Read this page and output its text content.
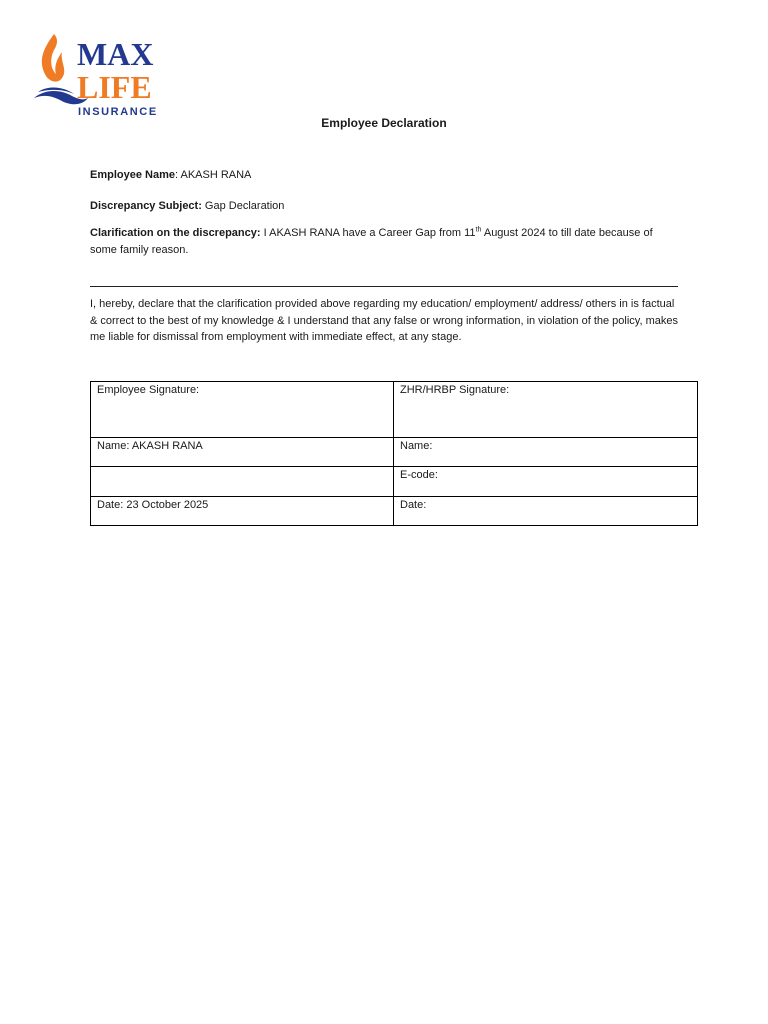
MAX
LIFE
INSURANCE
Employee Declaration
Employee Name: AKASH RANA
Discrepancy Subject: Gap Declaration
Clarification on the discrepancy: I AKASH RANA have a Career Gap from 11th August 2024 to till date because of some family reason.
I, hereby, declare that the clarification provided above regarding my education/ employment/ address/ others in is factual & correct to the best of my knowledge & I understand that any false or wrong information, in violation of the policy, makes me liable for dismissal from employment with immediate effect, at any stage.
Employee Signature:	ZHR/HRBP Signature:
Name: AKASH RANA	Name:
	E-code:
Date: 23 October 2025	Date:
